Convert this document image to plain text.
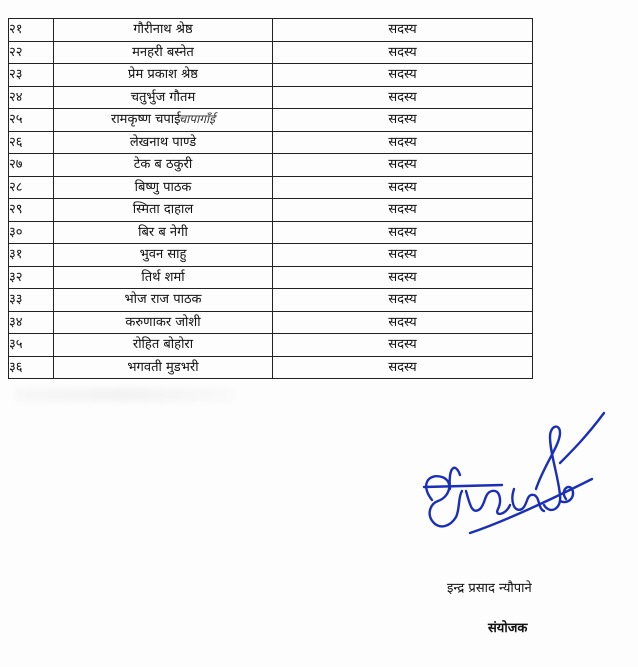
२१	गौरीनाथ श्रेष्ठ	सदस्य
२२	मनहरी बस्नेत	सदस्य
२३	प्रेम प्रकाश श्रेष्ठ	सदस्य
२४	चतुर्भुज गौतम	सदस्य
२५	रामकृष्ण चपाईचापागाँई	सदस्य
२६	लेखनाथ पाण्डे	सदस्य
२७	टेक ब ठकुरी	सदस्य
२८	बिष्णु पाठक	सदस्य
२९	स्मिता दाहाल	सदस्य
३०	बिर ब नेगी	सदस्य
३१	भुवन साहु	सदस्य
३२	तिर्थ शर्मा	सदस्य
३३	भोज राज पाठक	सदस्य
३४	करुणाकर जोशी	सदस्य
३५	रोहित बोहोरा	सदस्य
३६	भगवती मुडभरी	सदस्य
इन्द्र प्रसाद न्यौपाने
संयोजक
